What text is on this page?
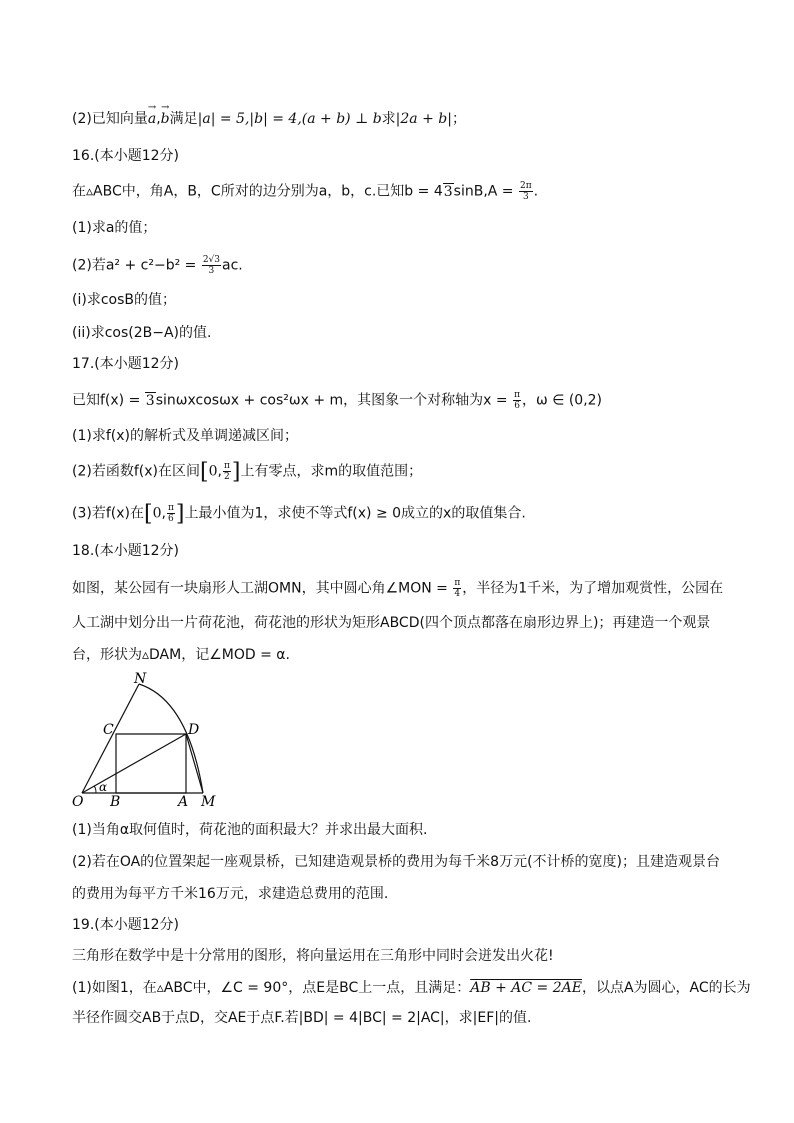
(2)已知向量→ a,→ b满足|a| = 5,|b| = 4,(a + b) ⊥ b求|2a + b|；
16.(本小题12分)
在▵ABC中，角A，B，C所对的边分别为a，b，c.已知$b = 43\sin B,A = \frac{2\pi}{3}$ .
(1)求a的值；
(2)若$a^2 + c^2-b^2 = \frac{2√3}{3}$ ac.
(i)求cosB的值；
(ii)求cos(2B−A)的值.
17.(本小题12分)
已知f(x) = 3sinωxcosωx + cos²ωx + m，其图象一个对称轴为$x = \frac{\pi}{6}$ ，ω ∈ (0,2)
(1)求f(x)的解析式及单调递减区间；
(2)若函数f(x)在区间[0, $\frac{\pi}{2}$ ]上有零点，求m的取值范围；
(3)若f(x)在[0, $\frac{\pi}{6}$ ]上最小值为1，求使不等式f(x) ≥ 0成立的x的取值集合.
18.(本小题12分)
如图，某公园有一块扇形人工湖OMN，其中圆心角∠MON = $\frac{\pi}{4}$ ，半径为1千米，为了增加观赏性，公园在
人工湖中划分出一片荷花池，荷花池的形状为矩形ABCD(四个顶点都落在扇形边界上)；再建造一个观景
台，形状为▵DAM，记∠MOD = α.
N
C	D
O B	A M
α
(1)当角α取何值时，荷花池的面积最大？并求出最大面积.
(2)若在OA的位置架起一座观景桥，已知建造观景桥的费用为每千米8万元(不计桥的宽度)；且建造观景台
的费用为每平方千米16万元，求建造总费用的范围.
19.(本小题12分)
三角形在数学中是十分常用的图形，将向量运用在三角形中同时会迸发出火花!
(1)如图1，在▵ABC中，∠C = 90°，点E是BC上一点，且满足：AB + AC = 2AE，以点A为圆心，AC的长为
半径作圆交AB于点D，交AE于点F.若|BD| = 4|BC| = 2|AC|，求|EF|的值.
